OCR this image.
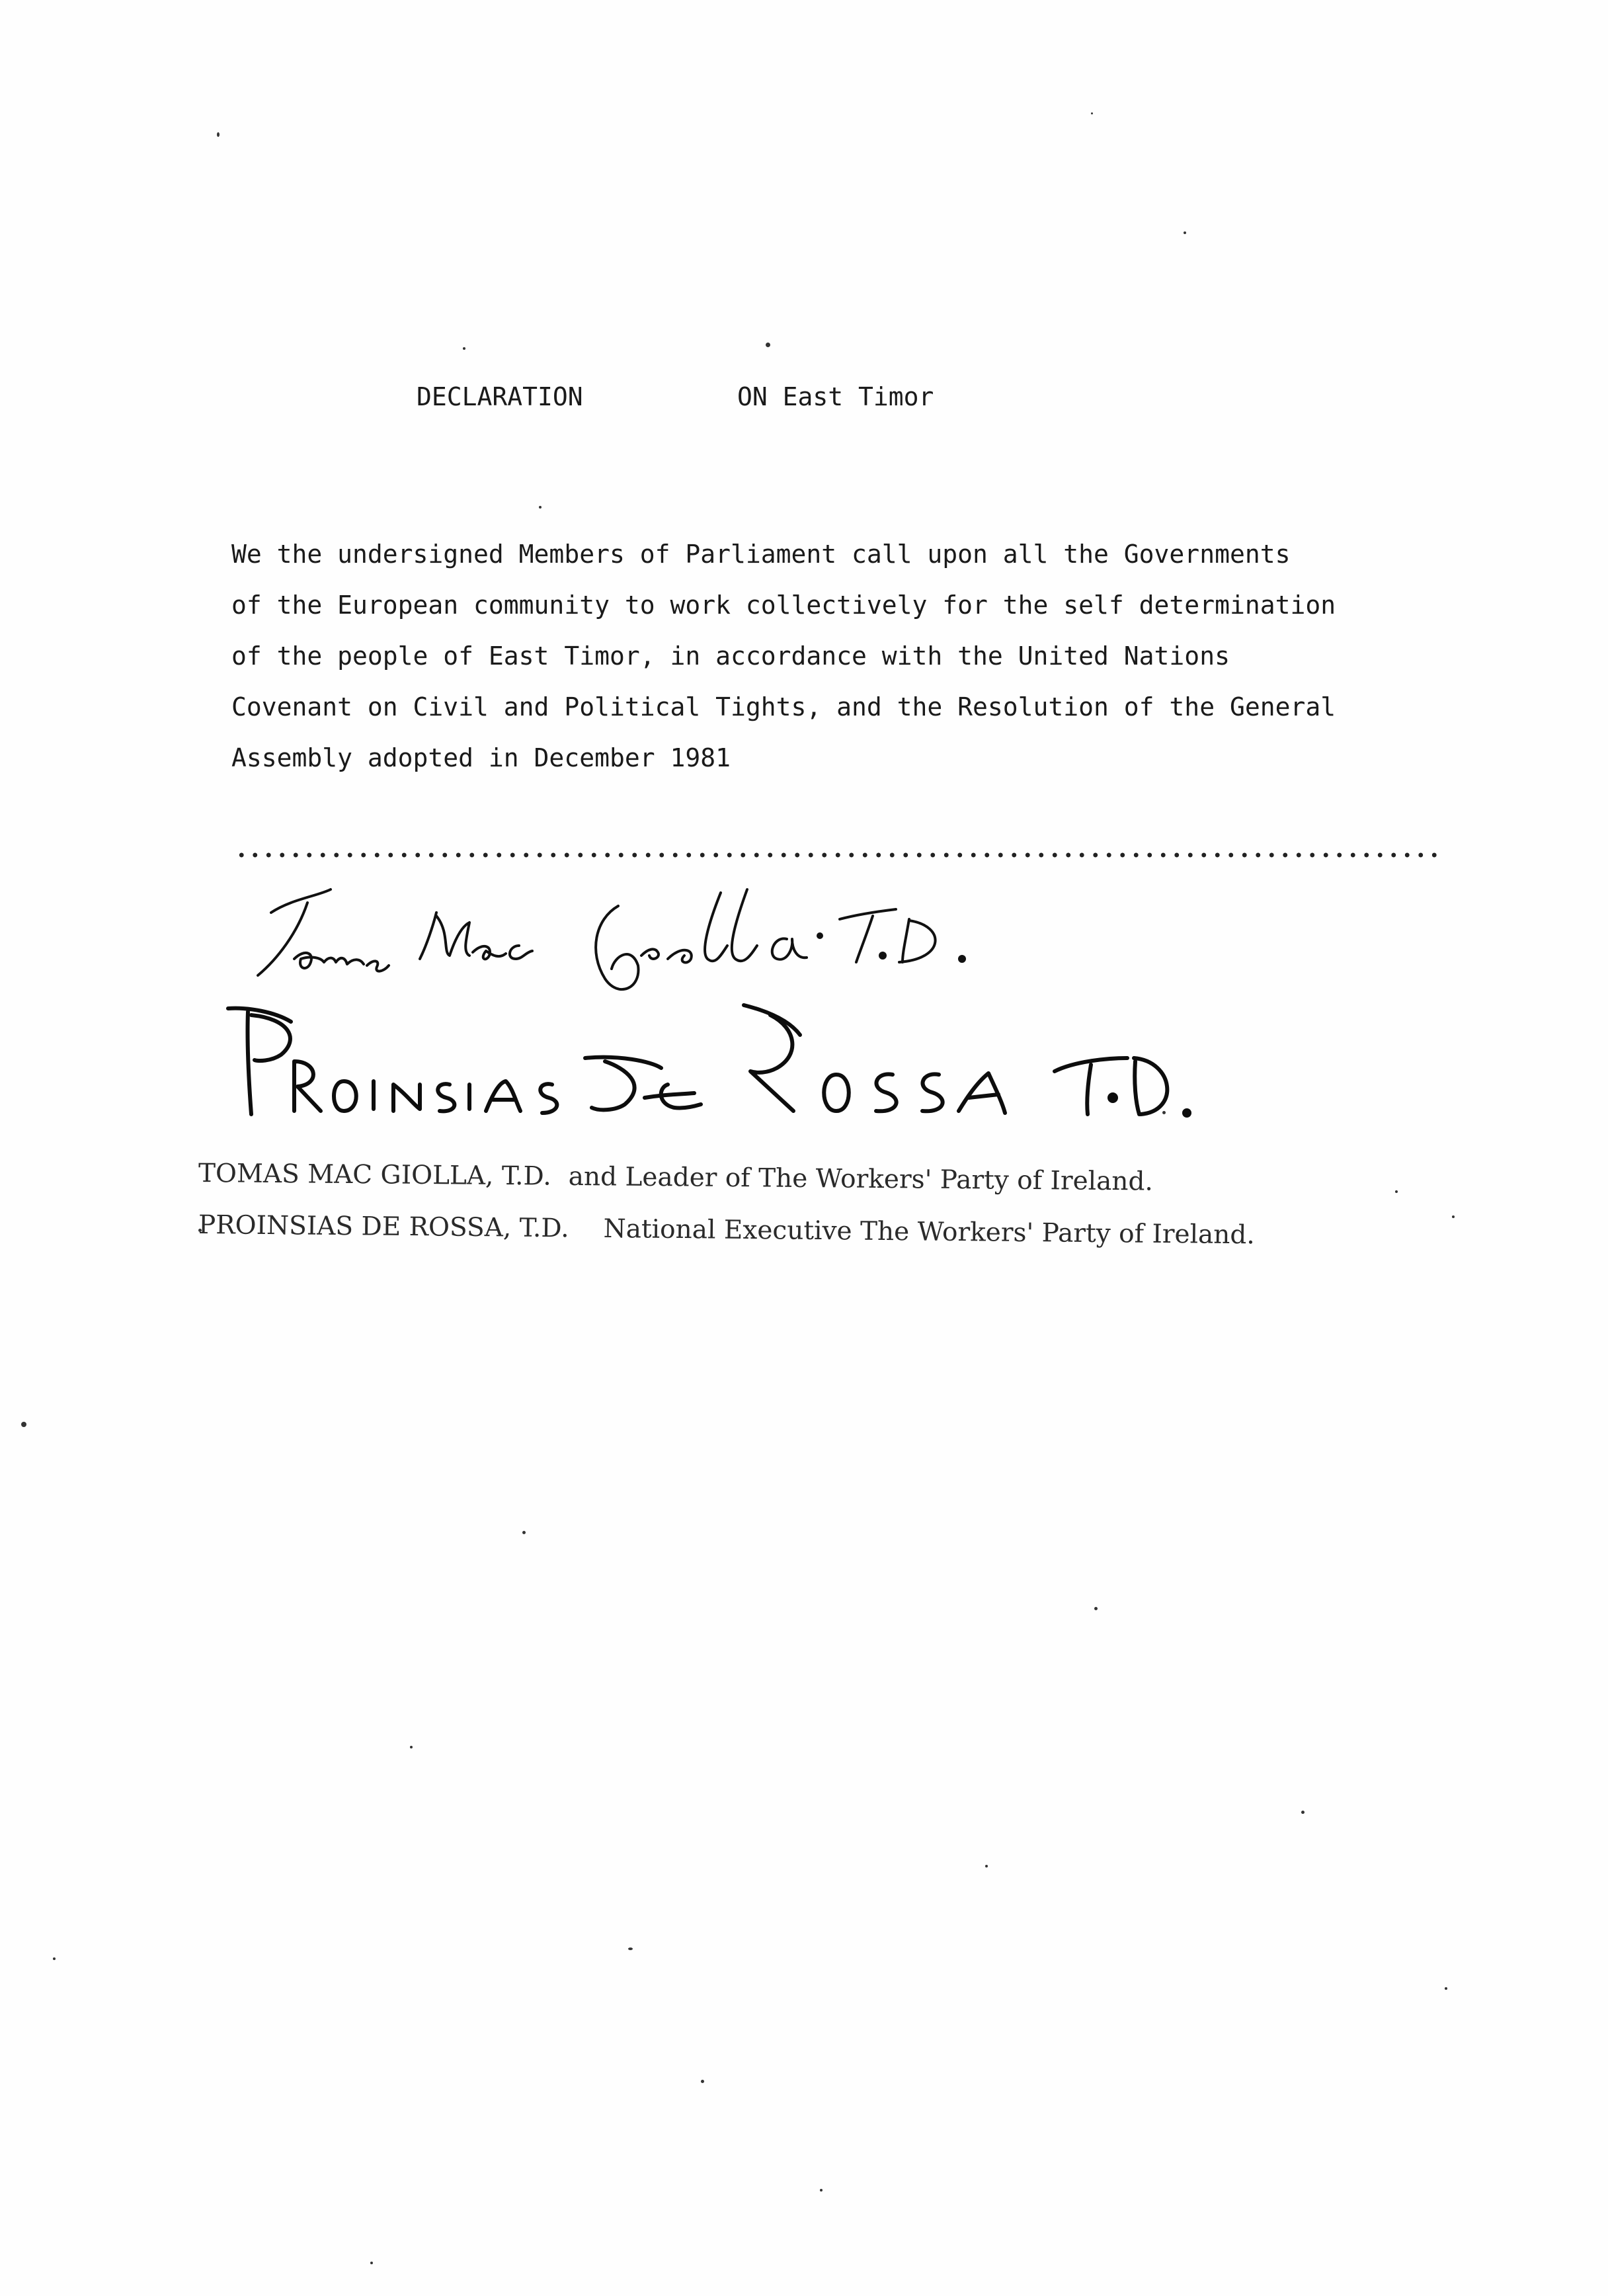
DECLARATION	ON East Timor
We the undersigned Members of Parliament call upon all the Governments
of the European community to work collectively for the self determination
of the people of East Timor, in accordance with the United Nations
Covenant on Civil and Political Tights, and the Resolution of the General
Assembly adopted in December 1981
TOMAS MAC GIOLLA, T.D. and Leader of The Workers' Party of Ireland.
PROINSIAS DE ROSSA, T.D. National Executive The Workers' Party of Ireland.
